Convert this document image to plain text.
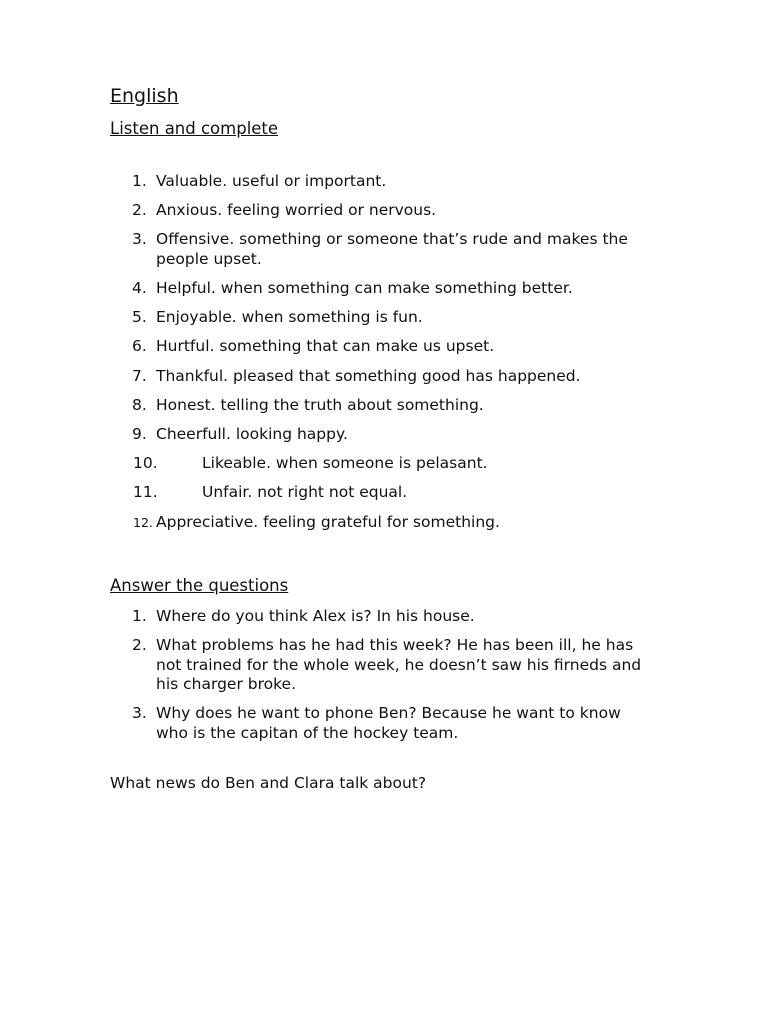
English
Listen and complete
1. Valuable. useful or important.
2. Anxious. feeling worried or nervous.
3. Offensive. something or someone that’s rude and makes the people upset.
4. Helpful. when something can make something better.
5. Enjoyable. when something is fun.
6. Hurtful. something that can make us upset.
7. Thankful. pleased that something good has happened.
8. Honest. telling the truth about something.
9. Cheerfull. looking happy.
10.	Likeable. when someone is pelasant.
11.	Unfair. not right not equal.
12. Appreciative. feeling grateful for something.
Answer the questions
1. Where do you think Alex is? In his house.
2. What problems has he had this week? He has been ill, he has not trained for the whole week, he doesn’t saw his firneds and his charger broke.
3. Why does he want to phone Ben? Because he want to know who is the capitan of the hockey team.
What news do Ben and Clara talk about?
